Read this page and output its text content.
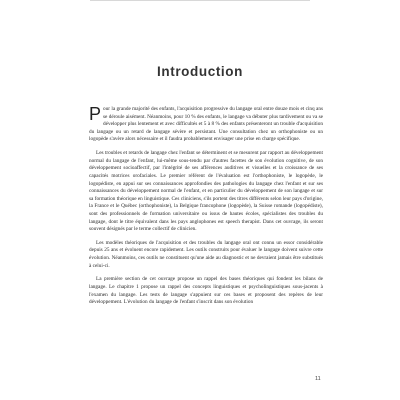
Introduction

Pour la grande majorité des enfants, l'acquisition progressive du langage oral entre douze mois et cinq ans se déroule aisément. Néanmoins, pour 10 % des enfants, le langage va débuter plus tardivement ou va se développer plus lentement et avec difficultés et 5 à 8 % des enfants présenteront un trouble d'acquisition du langage ou un retard de langage sévère et persistant. Une consultation chez un orthophoniste ou un logopède s'avère alors nécessaire et il faudra probablement envisager une prise en charge spécifique.

Les troubles et retards de langage chez l'enfant se déterminent et se mesurent par rapport au développement normal du langage de l'enfant, lui-même sous-tendu par d'autres facettes de son évolution cognitive, de son développement socioaffectif, par l'intégrité de ses afférences auditives et visuelles et la croissance de ses capacités motrices orofaciales. Le premier référent de l'évaluation est l'orthophoniste, le logopède, le logopédiste, en appui sur ses connaissances approfondies des pathologies du langage chez l'enfant et sur ses connaissances du développement normal de l'enfant, et en particulier du développement de son langage et sur sa formation théorique en linguistique. Ces cliniciens, s'ils portent des titres différents selon leur pays d'origine, la France et le Québec (orthophoniste), la Belgique francophone (logopède), la Suisse romande (logopédiste), sont des professionnels de formation universitaire ou issus de hautes écoles, spécialistes des troubles du langage, dont le titre équivalent dans les pays anglophones est speech therapist. Dans cet ouvrage, ils seront souvent désignés par le terme collectif de clinicien.

Les modèles théoriques de l'acquisition et des troubles du langage oral ont connu un essor considérable depuis 25 ans et évoluent encore rapidement. Les outils construits pour évaluer le langage doivent suivre cette évolution. Néanmoins, ces outils ne constituent qu'une aide au diagnostic et ne devraient jamais être substitués à celui-ci.

La première section de cet ouvrage propose un rappel des bases théoriques qui fondent les bilans de langage. Le chapitre 1 propose un rappel des concepts linguistiques et psycholinguistiques sous-jacents à l'examen du langage. Les tests de langage s'appuient sur ces bases et proposent des repères de leur développement. L'évolution du langage de l'enfant s'inscrit dans son évolution

11
